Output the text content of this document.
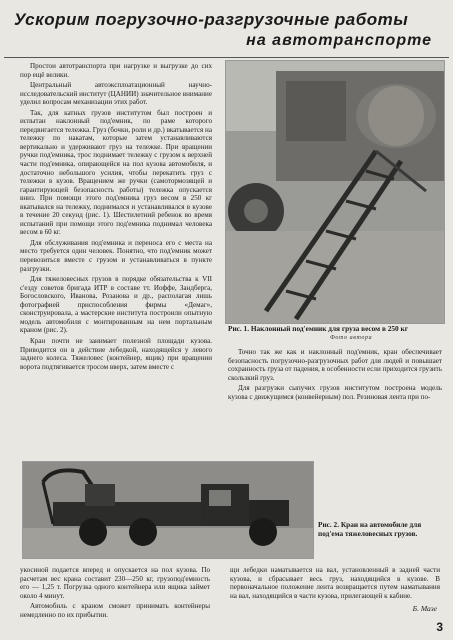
Ускорим погрузочно-разгрузочные работы
на автотранспорте

Простои автотранспорта при нагрузке и выгрузке до сих пор ещё велики.

Центральный автоэксплоатационный научно-исследовательский институт (ЦАНИИ) значительное внимание уделил вопросам механизации этих работ.

Так, для катных грузов институтом был построен и испытан наклонный под'емник, по раме которого передвигается тележка. Груз (бочки, роли и др.) вкатывается на тележку по накатам, которые затем устанавливаются вертикально и удерживают груз на тележке. При вращении ручки под'емника, трос поднимает тележку с грузом к верхней части под'емника, опирающейся на пол кузова автомобиля, и достаточно небольшого усилия, чтобы перекатить груз с тележки в кузов. Вращением же ручки (самотормозящей и гарантирующей безопасность работы) тележка опускается вниз. При помощи этого под'емника груз весом в 250 кг вкатывался на тележку, поднимался и устанавливался в кузове в течение 20 секунд (рис. 1). Шестилетний ребенок во время испытаний при помощи этого под'емника поднимал человека весом в 60 кг.

Для обслуживания под'емника и переноса его с места на место требуется один человек. Понятно, что под'емник может перевозиться вместе с грузом и устанавливаться в пункте разгрузки.

Для тяжеловесных грузов в порядке обязательства к VII с'езду советов бригада ИТР в составе тт. Иоффе, Зандберга, Богословского, Иванова, Розанова и др., располагая лишь фотографией приспособления фирмы «Демаг», сконструировала, а мастерские института построили опытную модель автомобиля с монтированным на нем портальным краном (рис. 2).

Кран почти не занимает полезной площади кузова. Приводится он в действие лебедкой, находящейся у левого заднего колеса. Тяжеловес (контейнер, ящик) при вращении ворота подтягивается тросом вверх, затем вместе с

Рис. 1. Наклонный под'емник для груза весом в 250 кг
Фото автора

Точно так же как и наклонный под'емник, кран обеспечивает безопасность погрузочно-разгрузочных работ для людей и повышает сохранность груза от падения, в особенности если приходится грузить скользкий груз.

Для разгрузки сыпучих грузов институтом построена модель кузова с движущимся (конвейерным) пол. Резиновая лента при по-

Рис. 2. Кран на автомобиле для под'ема тяжеловесных грузов.

укосиной подается вперед и опускается на пол кузова. По расчетам вес крана составит 230—250 кг, грузопод'емность его — 1,25 т. Погрузка одного контейнера или ящика займет около 4 минут.

Автомобиль с краном сможет принимать контейнеры немедленно по их прибытии.

щи лебедки наматывается на вал, установленный в задней части кузова, и сбрасывает весь груз, находящийся в кузове. В первоначальное положение лента возвращается путем наматывания на вал, находящийся в части кузова, прилегающей к кабине.

Б. Мазе
3
